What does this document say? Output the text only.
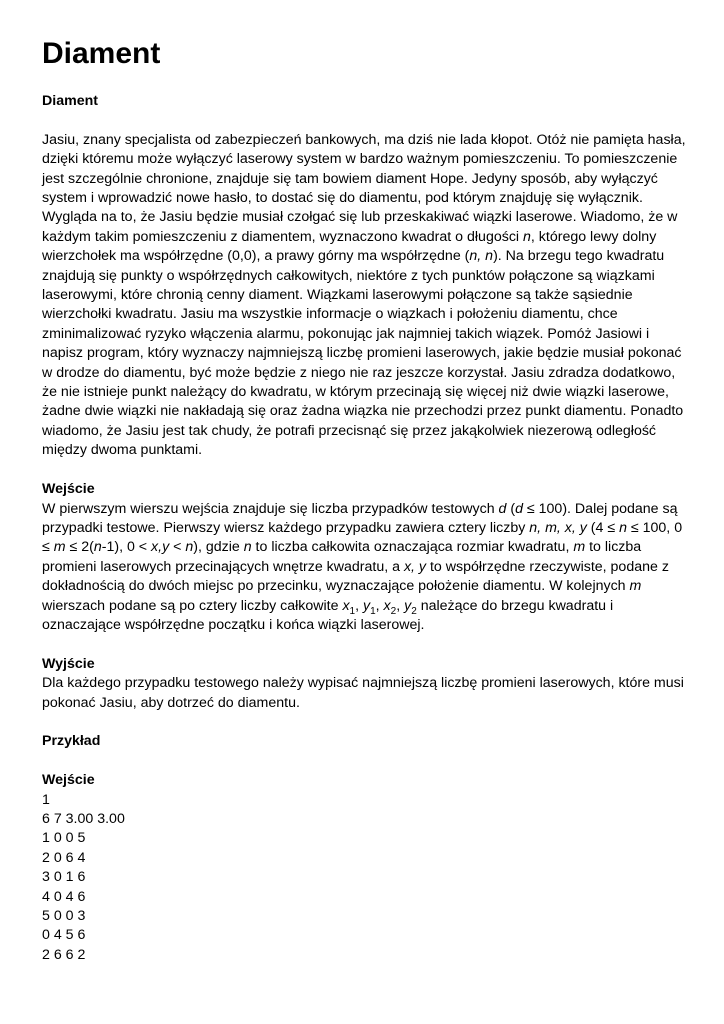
Diament

Diament

Jasiu, znany specjalista od zabezpieczeń bankowych, ma dziś nie lada kłopot. Otóż nie pamięta hasła, dzięki któremu może wyłączyć laserowy system w bardzo ważnym pomieszczeniu. To pomieszczenie jest szczególnie chronione, znajduje się tam bowiem diament Hope. Jedyny sposób, aby wyłączyć system i wprowadzić nowe hasło, to dostać się do diamentu, pod którym znajduję się wyłącznik. Wygląda na to, że Jasiu będzie musiał czołgać się lub przeskakiwać wiązki laserowe. Wiadomo, że w każdym takim pomieszczeniu z diamentem, wyznaczono kwadrat o długości n, którego lewy dolny wierzchołek ma współrzędne (0,0), a prawy górny ma współrzędne (n, n). Na brzegu tego kwadratu znajdują się punkty o współrzędnych całkowitych, niektóre z tych punktów połączone są wiązkami laserowymi, które chronią cenny diament. Wiązkami laserowymi połączone są także sąsiednie wierzchołki kwadratu. Jasiu ma wszystkie informacje o wiązkach i położeniu diamentu, chce zminimalizować ryzyko włączenia alarmu, pokonując jak najmniej takich wiązek. Pomóż Jasiowi i napisz program, który wyznaczy najmniejszą liczbę promieni laserowych, jakie będzie musiał pokonać w drodze do diamentu, być może będzie z niego nie raz jeszcze korzystał. Jasiu zdradza dodatkowo, że nie istnieje punkt należący do kwadratu, w którym przecinają się więcej niż dwie wiązki laserowe, żadne dwie wiązki nie nakładają się oraz żadna wiązka nie przechodzi przez punkt diamentu. Ponadto wiadomo, że Jasiu jest tak chudy, że potrafi przecisnąć się przez jakąkolwiek niezerową odległość między dwoma punktami.

Wejście

W pierwszym wierszu wejścia znajduje się liczba przypadków testowych d (d ≤ 100). Dalej podane są przypadki testowe. Pierwszy wiersz każdego przypadku zawiera cztery liczby n, m, x, y (4 ≤ n ≤ 100, 0 ≤ m ≤ 2(n-1), 0 < x,y < n), gdzie n to liczba całkowita oznaczająca rozmiar kwadratu, m to liczba promieni laserowych przecinających wnętrze kwadratu, a x, y to współrzędne rzeczywiste, podane z dokładnością do dwóch miejsc po przecinku, wyznaczające położenie diamentu. W kolejnych m wierszach podane są po cztery liczby całkowite $x_1$, $y_1$, $x_2$, $y_2$ należące do brzegu kwadratu i oznaczające współrzędne początku i końca wiązki laserowej.

Wyjście

Dla każdego przypadku testowego należy wypisać najmniejszą liczbę promieni laserowych, które musi pokonać Jasiu, aby dotrzeć do diamentu.

Przykład

Wejście

1
6 7 3.00 3.00
1 0 0 5
2 0 6 4
3 0 1 6
4 0 4 6
5 0 0 3
0 4 5 6
2 6 6 2
